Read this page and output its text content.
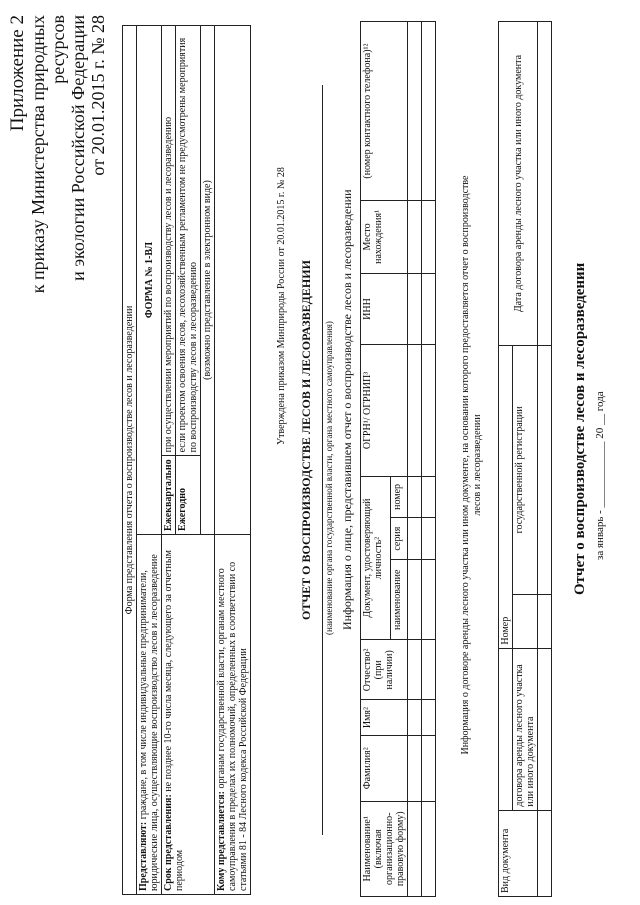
Приложение 2 к приказу Министерства природных ресурсов и экологии Российской Федерации от 20.01.2015 г. № 28
Форма представления отчета о воспроизводстве лесов и лесоразведении		
Представляют: граждане, в том числе индивидуальные предприниматели, юридические лица, осуществляющие воспроизводство лесов и лесоразведение	ФОРМА № 1-ВЛ	
Срок представления: не позднее 10-го числа месяца, следующего за отчетным периодом	Ежеквартально	при осуществлении мероприятий по воспроизводству лесов и лесоразведению
	Ежегодно	если проектом освоения лесов, лесохозяйственным регламентом не предусмотрены мероприятия по воспроизводству лесов и лесоразведению
	(возможно представление в электронном виде)	
Кому представляется: органам государственной власти, органам местного самоуправления в пределах их полномочий, определенных в соответствии со статьями 81 - 84 Лесного кодекса Российской Федерации		
Утверждена приказом Минприроды России от 20.01.2015 г. № 28 ОТЧЕТ О ВОСПРОИЗВОДСТВЕ ЛЕСОВ И ЛЕСОРАЗВЕДЕНИИ (наименование органа государственной власти, органа местного самоуправления) Информация о лице, представившем отчет о воспроизводстве лесов и лесоразведении
Наименование¹ (включая организационно-правовую форму)	Фамилия²	Имя²	Отчество² (при наличии)	Документ, удостоверяющий личность²			ОГРН¹/ ОГРНИП³	ИНН	Место нахождения¹	(номер контактного телефона)¹²
				наименование	серия	номер				

											Информация о договоре аренды лесного участка или ином документе, на основании которого предоставляется отчет о воспроизводстве лесов и лесоразведении
Вид документа		Номер		Дата договора аренды лесного участка или иного документа
	договора аренды лесного участка или иного документа		государственной регистрации	
					Отчет о воспроизводстве лесов и лесоразведении за январь - ____________ 20 __ года
